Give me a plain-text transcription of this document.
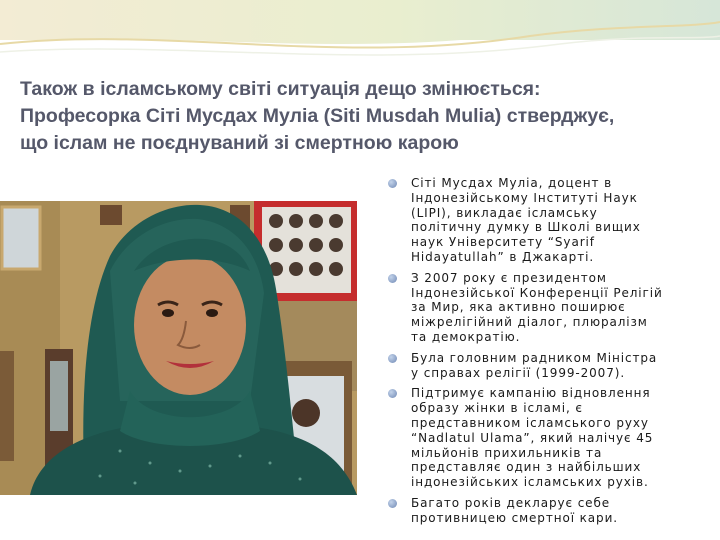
Також в ісламському світі ситуація дещо змінюється:
Професорка Сіті Мусдах Муліа (Siti Musdah Mulia) стверджує,
що іслам не поєднуваний зі смертною карою
Сіті Мусдах Муліа, доцент в
Індонезійському Інституті Наук
(LIPI), викладає ісламську
політичну думку в Школі вищих
наук Університету “Syarif
Hidayatullah” в Джакарті.
З 2007 року є президентом
Індонезійської Конференції Релігій
за Мир, яка активно поширює
міжрелігійний діалог, плюралізм
та демократію.
Була головним радником Міністра
у справах релігії (1999-2007).
Підтримує кампанію відновлення
образу жінки в ісламі, є
представником ісламського руху
“Nadlatul Ulama”, який налічує 45
мільйонів прихильників та
представляє один з найбільших
індонезійських ісламських рухів.
Багато років декларує себе
противницею смертної кари.
